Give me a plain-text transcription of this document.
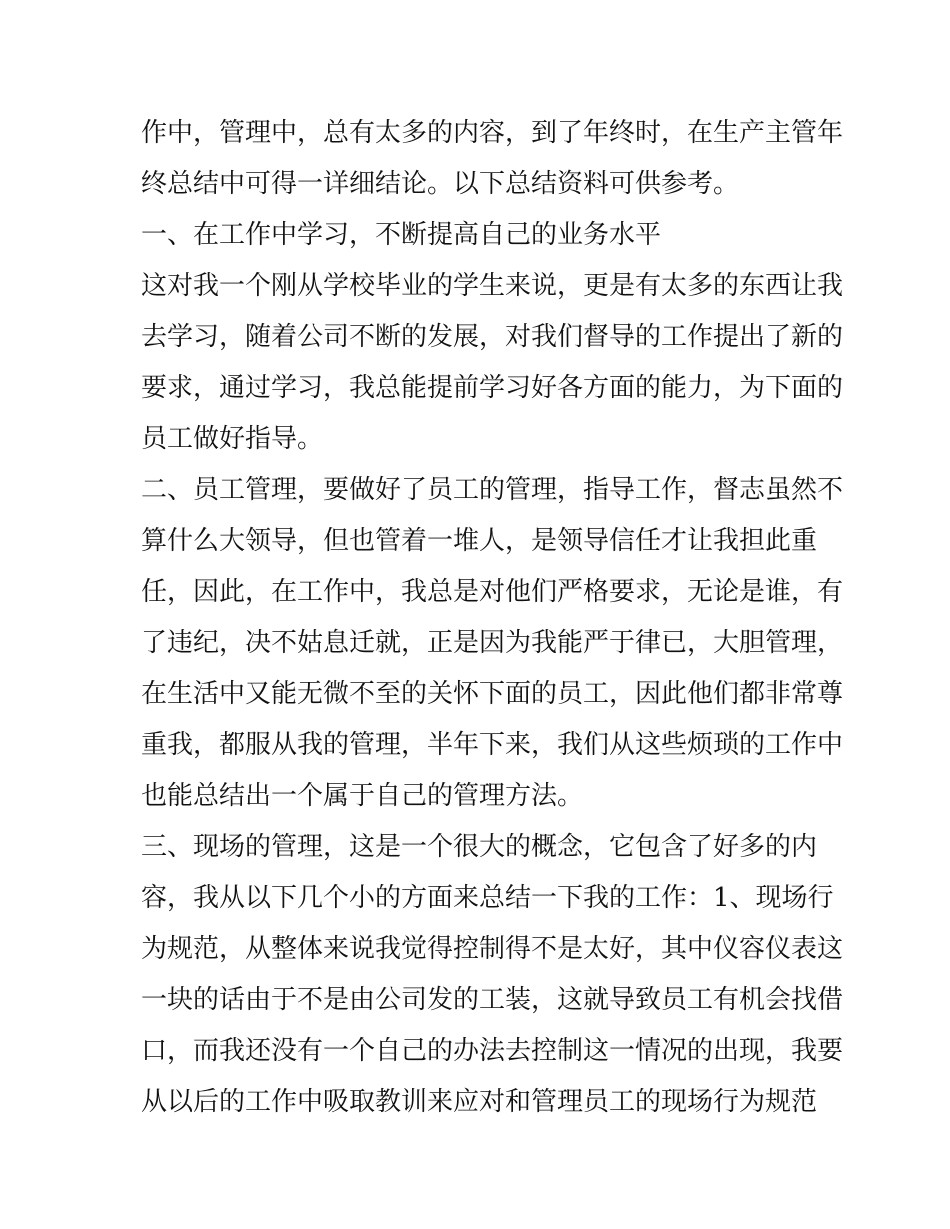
作中，管理中，总有太多的内容，到了年终时，在生产主管年
终总结中可得一详细结论。以下总结资料可供参考。
一、在工作中学习，不断提高自己的业务水平
这对我一个刚从学校毕业的学生来说，更是有太多的东西让我
去学习，随着公司不断的发展，对我们督导的工作提出了新的
要求，通过学习，我总能提前学习好各方面的能力，为下面的
员工做好指导。
二、员工管理，要做好了员工的管理，指导工作，督志虽然不
算什么大领导，但也管着一堆人，是领导信任才让我担此重
任，因此，在工作中，我总是对他们严格要求，无论是谁，有
了违纪，决不姑息迁就，正是因为我能严于律已，大胆管理，
在生活中又能无微不至的关怀下面的员工，因此他们都非常尊
重我，都服从我的管理，半年下来，我们从这些烦琐的工作中
也能总结出一个属于自己的管理方法。
三、现场的管理，这是一个很大的概念，它包含了好多的内
容，我从以下几个小的方面来总结一下我的工作：1、现场行
为规范，从整体来说我觉得控制得不是太好，其中仪容仪表这
一块的话由于不是由公司发的工装，这就导致员工有机会找借
口，而我还没有一个自己的办法去控制这一情况的出现，我要
从以后的工作中吸取教训来应对和管理员工的现场行为规范
